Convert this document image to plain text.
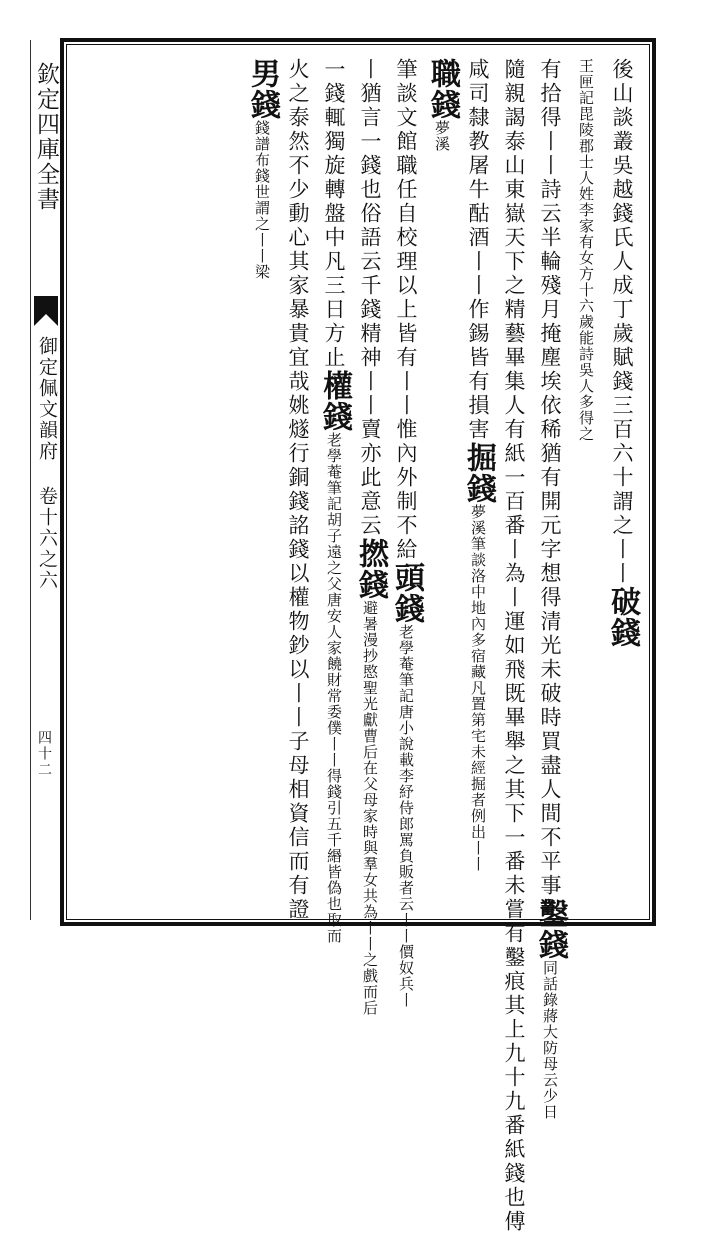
欽定四庫全書
御定佩文韻府 卷十六之六
四十二
後山談叢吳越錢氏人成丁歲賦錢三百六十謂之丨丨破錢
王匣記毘陵郡士人姓李家有女方十六歲能詩吳人多得之
有拾得丨丨詩云半輪殘月掩塵埃依稀猶有開元字想得清光未破時買盡人間不平事鑿錢同話錄蔣大防母云少日
隨親謁泰山東嶽天下之精藝畢集人有紙一百番丨為丨運如飛既畢舉之其下一番未嘗有鑿痕其上九十九番紙錢也傅
咸司隸教屠牛酤酒丨丨作錫皆有損害掘錢夢溪筆談洛中地內多宿藏凡置第宅未經掘者例出丨丨
職錢夢溪
筆談文館職任自校理以上皆有丨丨惟內外制不給頭錢老學菴筆記唐小說載李紓侍郎罵負販者云丨丨價奴兵丨
丨猶言一錢也俗語云千錢精神丨丨賣亦此意云撚錢避暑漫抄愍聖光獻曹后在父母家時與羣女共為丨丨之戲而后
一錢輒獨旋轉盤中凡三日方止權錢老學菴筆記胡子遠之父唐安人家饒財常委僕丨丨得錢引五千緡皆偽也取而
火之泰然不少動心其家暴貴宜哉姚燧行銅錢詺錢以權物鈔以丨丨子母相資信而有證
男錢錢譜布錢世謂之丨丨梁
